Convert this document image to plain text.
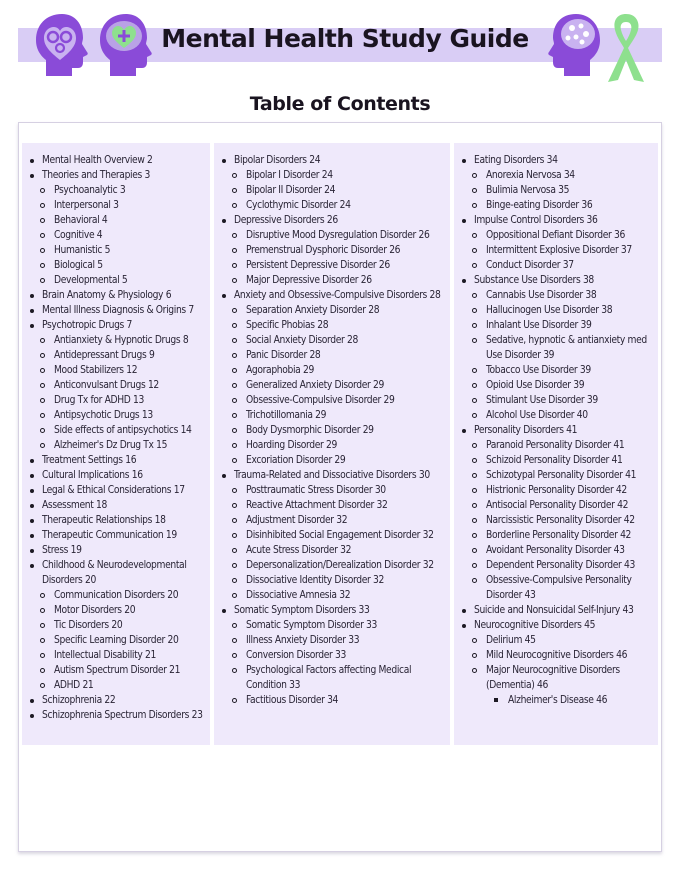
Mental Health Study Guide
Table of Contents
Mental Health Overview 2
Theories and Therapies 3
Psychoanalytic 3
Interpersonal 3
Behavioral 4
Cognitive 4
Humanistic 5
Biological 5
Developmental 5
Brain Anatomy & Physiology 6
Mental Illness Diagnosis & Origins 7
Psychotropic Drugs 7
Antianxiety & Hypnotic Drugs 8
Antidepressant Drugs 9
Mood Stabilizers 12
Anticonvulsant Drugs 12
Drug Tx for ADHD 13
Antipsychotic Drugs 13
Side effects of antipsychotics 14
Alzheimer's Dz Drug Tx 15
Treatment Settings 16
Cultural Implications 16
Legal & Ethical Considerations 17
Assessment 18
Therapeutic Relationships 18
Therapeutic Communication 19
Stress 19
Childhood & Neurodevelopmental Disorders 20
Communication Disorders 20
Motor Disorders 20
Tic Disorders 20
Specific Learning Disorder 20
Intellectual Disability 21
Autism Spectrum Disorder 21
ADHD 21
Schizophrenia 22
Schizophrenia Spectrum Disorders 23
Bipolar Disorders 24
Bipolar I Disorder 24
Bipolar II Disorder 24
Cyclothymic Disorder 24
Depressive Disorders 26
Disruptive Mood Dysregulation Disorder 26
Premenstrual Dysphoric Disorder 26
Persistent Depressive Disorder 26
Major Depressive Disorder 26
Anxiety and Obsessive-Compulsive Disorders 28
Separation Anxiety Disorder 28
Specific Phobias 28
Social Anxiety Disorder 28
Panic Disorder 28
Agoraphobia 29
Generalized Anxiety Disorder 29
Obsessive-Compulsive Disorder 29
Trichotillomania 29
Body Dysmorphic Disorder 29
Hoarding Disorder 29
Excoriation Disorder 29
Trauma-Related and Dissociative Disorders 30
Posttraumatic Stress Disorder 30
Reactive Attachment Disorder 32
Adjustment Disorder 32
Disinhibited Social Engagement Disorder 32
Acute Stress Disorder 32
Depersonalization/Derealization Disorder 32
Dissociative Identity Disorder 32
Dissociative Amnesia 32
Somatic Symptom Disorders 33
Somatic Symptom Disorder 33
Illness Anxiety Disorder 33
Conversion Disorder 33
Psychological Factors affecting Medical Condition 33
Factitious Disorder 34
Eating Disorders 34
Anorexia Nervosa 34
Bulimia Nervosa 35
Binge-eating Disorder 36
Impulse Control Disorders 36
Oppositional Defiant Disorder 36
Intermittent Explosive Disorder 37
Conduct Disorder 37
Substance Use Disorders 38
Cannabis Use Disorder 38
Hallucinogen Use Disorder 38
Inhalant Use Disorder 39
Sedative, hypnotic & antianxiety med Use Disorder 39
Tobacco Use Disorder 39
Opioid Use Disorder 39
Stimulant Use Disorder 39
Alcohol Use Disorder 40
Personality Disorders 41
Paranoid Personality Disorder 41
Schizoid Personality Disorder 41
Schizotypal Personality Disorder 41
Histrionic Personality Disorder 42
Antisocial Personality Disorder 42
Narcissistic Personality Disorder 42
Borderline Personality Disorder 42
Avoidant Personality Disorder 43
Dependent Personality Disorder 43
Obsessive-Compulsive Personality Disorder 43
Suicide and Nonsuicidal Self-Injury 43
Neurocognitive Disorders 45
Delirium 45
Mild Neurocognitive Disorders 46
Major Neurocognitive Disorders (Dementia) 46
Alzheimer's Disease 46
